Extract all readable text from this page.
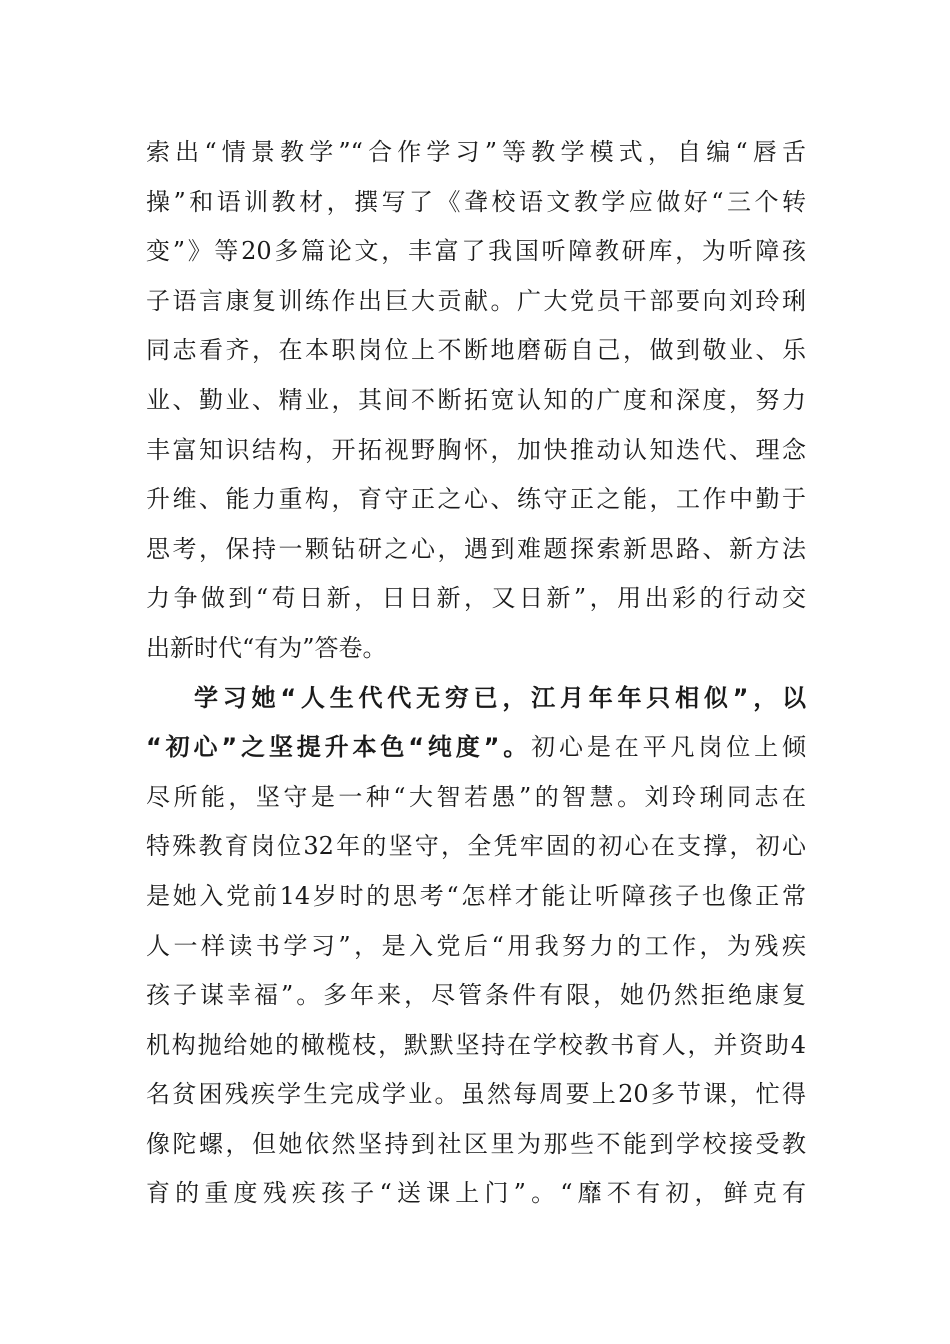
索出“情景教学”“合作学习”等教学模式，自编“唇舌
操”和语训教材，撰写了《聋校语文教学应做好“三个转
变”》等20多篇论文，丰富了我国听障教研库，为听障孩
子语言康复训练作出巨大贡献。广大党员干部要向刘玲琍
同志看齐，在本职岗位上不断地磨砺自己，做到敬业、乐
业、勤业、精业，其间不断拓宽认知的广度和深度，努力
丰富知识结构，开拓视野胸怀，加快推动认知迭代、理念
升维、能力重构，育守正之心、练守正之能，工作中勤于
思考，保持一颗钻研之心，遇到难题探索新思路、新方法
力争做到“苟日新，日日新，又日新”，用出彩的行动交
出新时代“有为”答卷。
学习她“人生代代无穷已，江月年年只相似”，以
“初心”之坚提升本色“纯度”。初心是在平凡岗位上倾
尽所能，坚守是一种“大智若愚”的智慧。刘玲琍同志在
特殊教育岗位32年的坚守，全凭牢固的初心在支撑，初心
是她入党前14岁时的思考“怎样才能让听障孩子也像正常
人一样读书学习”，是入党后“用我努力的工作，为残疾
孩子谋幸福”。多年来，尽管条件有限，她仍然拒绝康复
机构抛给她的橄榄枝，默默坚持在学校教书育人，并资助4
名贫困残疾学生完成学业。虽然每周要上20多节课，忙得
像陀螺，但她依然坚持到社区里为那些不能到学校接受教
育的重度残疾孩子“送课上门”。“靡不有初，鲜克有
